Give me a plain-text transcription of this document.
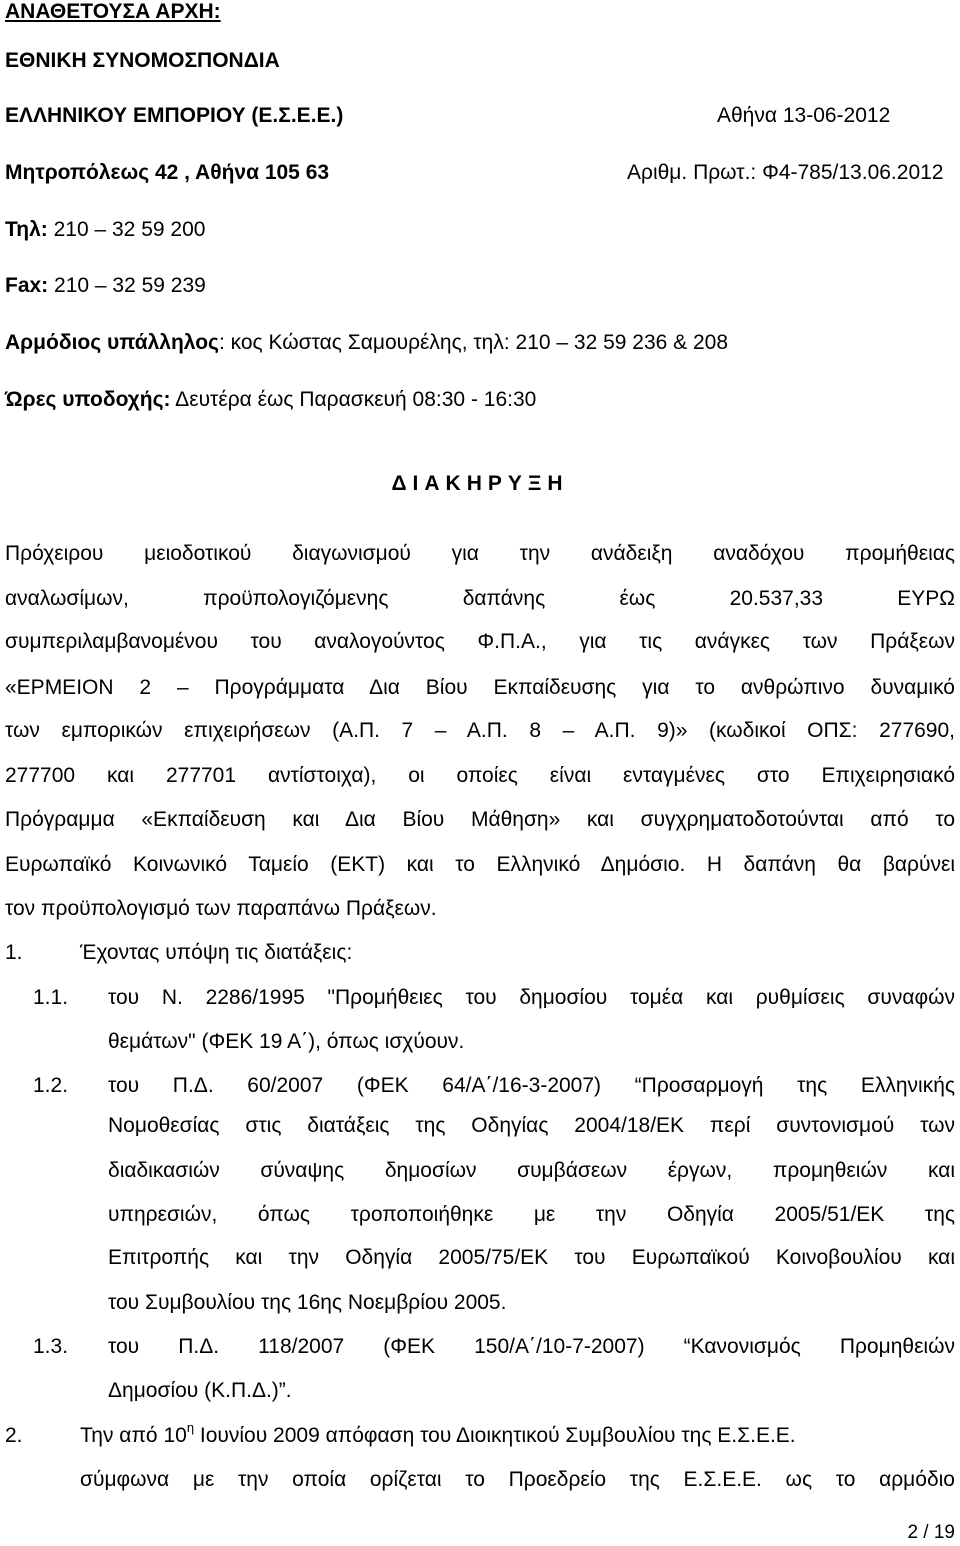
ΑΝΑΘΕΤΟΥΣΑ ΑΡΧΗ:
ΕΘΝΙΚΗ ΣΥΝΟΜΟΣΠΟΝΔΙΑ
ΕΛΛΗΝΙΚΟΥ ΕΜΠΟΡΙΟΥ (Ε.Σ.Ε.Ε.)	Αθήνα 13-06-2012
Μητροπόλεως 42 , Αθήνα 105 63	Αριθμ. Πρωτ.: Φ4-785/13.06.2012
Τηλ: 210 – 32 59 200
Fax: 210 – 32 59 239
Αρμόδιος υπάλληλος: κος Κώστας Σαμουρέλης, τηλ: 210 – 32 59 236 & 208
Ώρες υποδοχής: Δευτέρα έως Παρασκευή 08:30 - 16:30
ΔΙΑΚΗΡΥΞΗ
Πρόχειρου μειοδοτικού διαγωνισμού για την ανάδειξη αναδόχου προμήθειας
αναλωσίμων, προϋπολογιζόμενης δαπάνης έως 20.537,33 ΕΥΡΩ
συμπεριλαμβανομένου του αναλογούντος Φ.Π.Α., για τις ανάγκες των Πράξεων
«ΕΡΜΕΙΟΝ 2 – Προγράμματα Δια Βίου Εκπαίδευσης για το ανθρώπινο δυναμικό
των εμπορικών επιχειρήσεων (Α.Π. 7 – Α.Π. 8 – Α.Π. 9)» (κωδικοί ΟΠΣ: 277690,
277700 και 277701 αντίστοιχα), οι οποίες είναι ενταγμένες στο Επιχειρησιακό
Πρόγραμμα «Εκπαίδευση και Δια Βίου Μάθηση» και συγχρηματοδοτούνται από το
Ευρωπαϊκό Κοινωνικό Ταμείο (ΕΚΤ) και το Ελληνικό Δημόσιο. Η δαπάνη θα βαρύνει
τον προϋπολογισμό των παραπάνω Πράξεων.
1.	Έχοντας υπόψη τις διατάξεις:
1.1. του Ν. 2286/1995 "Προμήθειες του δημοσίου τομέα και ρυθμίσεις συναφών
θεμάτων" (ΦΕΚ 19 Α΄), όπως ισχύουν.
1.2. του Π.Δ. 60/2007 (ΦΕΚ 64/Α΄/16-3-2007) “Προσαρμογή της Ελληνικής
Νομοθεσίας στις διατάξεις της Οδηγίας 2004/18/ΕΚ περί συντονισμού των
διαδικασιών σύναψης δημοσίων συμβάσεων έργων, προμηθειών και
υπηρεσιών, όπως τροποποιήθηκε με την Οδηγία 2005/51/ΕΚ της
Επιτροπής και την Οδηγία 2005/75/ΕΚ του Ευρωπαϊκού Κοινοβουλίου και
του Συμβουλίου της 16ης Νοεμβρίου 2005.
1.3. του Π.Δ. 118/2007 (ΦΕΚ 150/Α΄/10-7-2007) “Κανονισμός Προμηθειών
Δημοσίου (Κ.Π.Δ.)”.
2.	Την από $10^\eta$ Ιουνίου 2009 απόφαση του Διοικητικού Συμβουλίου της Ε.Σ.Ε.Ε.
σύμφωνα με την οποία ορίζεται το Προεδρείο της Ε.Σ.Ε.Ε. ως το αρμόδιο
2 / 19
